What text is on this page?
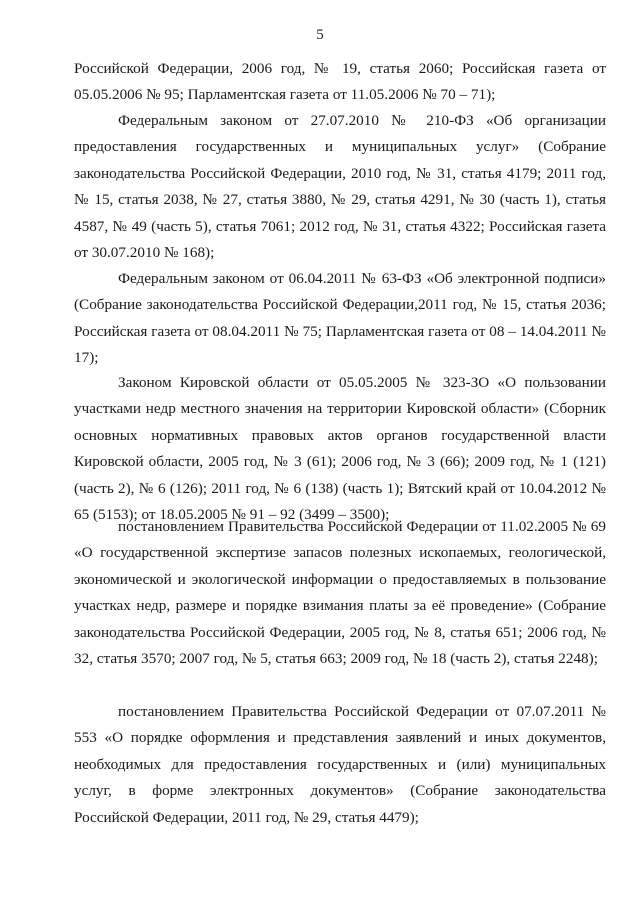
5

Российской Федерации, 2006 год, № 19, статья 2060; Российская газета от 05.05.2006 № 95; Парламентская газета от 11.05.2006 № 70 – 71);

Федеральным законом от 27.07.2010 № 210-ФЗ «Об организации предоставления государственных и муниципальных услуг» (Собрание законодательства Российской Федерации, 2010 год, № 31, статья 4179; 2011 год, № 15, статья 2038, № 27, статья 3880, № 29, статья 4291, № 30 (часть 1), статья 4587, № 49 (часть 5), статья 7061; 2012 год, № 31, статья 4322; Российская газета от 30.07.2010 № 168);

Федеральным законом от 06.04.2011 № 63-ФЗ «Об электронной подписи» (Собрание законодательства Российской Федерации,2011 год, № 15, статья 2036; Российская газета от 08.04.2011 № 75; Парламентская газета от 08 – 14.04.2011 № 17);

Законом Кировской области от 05.05.2005 № 323-ЗО «О пользовании участками недр местного значения на территории Кировской области» (Сборник основных нормативных правовых актов органов государственной власти Кировской области, 2005 год, № 3 (61); 2006 год, № 3 (66); 2009 год, № 1 (121) (часть 2), № 6 (126); 2011 год, № 6 (138) (часть 1); Вятский край от 10.04.2012 № 65 (5153); от 18.05.2005 № 91 – 92 (3499 – 3500);

постановлением Правительства Российской Федерации от 11.02.2005 № 69 «О государственной экспертизе запасов полезных ископаемых, геологической, экономической и экологической информации о предоставляемых в пользование участках недр, размере и порядке взимания платы за её проведение» (Собрание законодательства Российской Федерации, 2005 год, № 8, статья 651; 2006 год, № 32, статья 3570; 2007 год, № 5, статья 663; 2009 год, № 18 (часть 2), статья 2248);

постановлением Правительства Российской Федерации от 07.07.2011 № 553 «О порядке оформления и представления заявлений и иных документов, необходимых для предоставления государственных и (или) муниципальных услуг, в форме электронных документов» (Собрание законодательства Российской Федерации, 2011 год, № 29, статья 4479);
